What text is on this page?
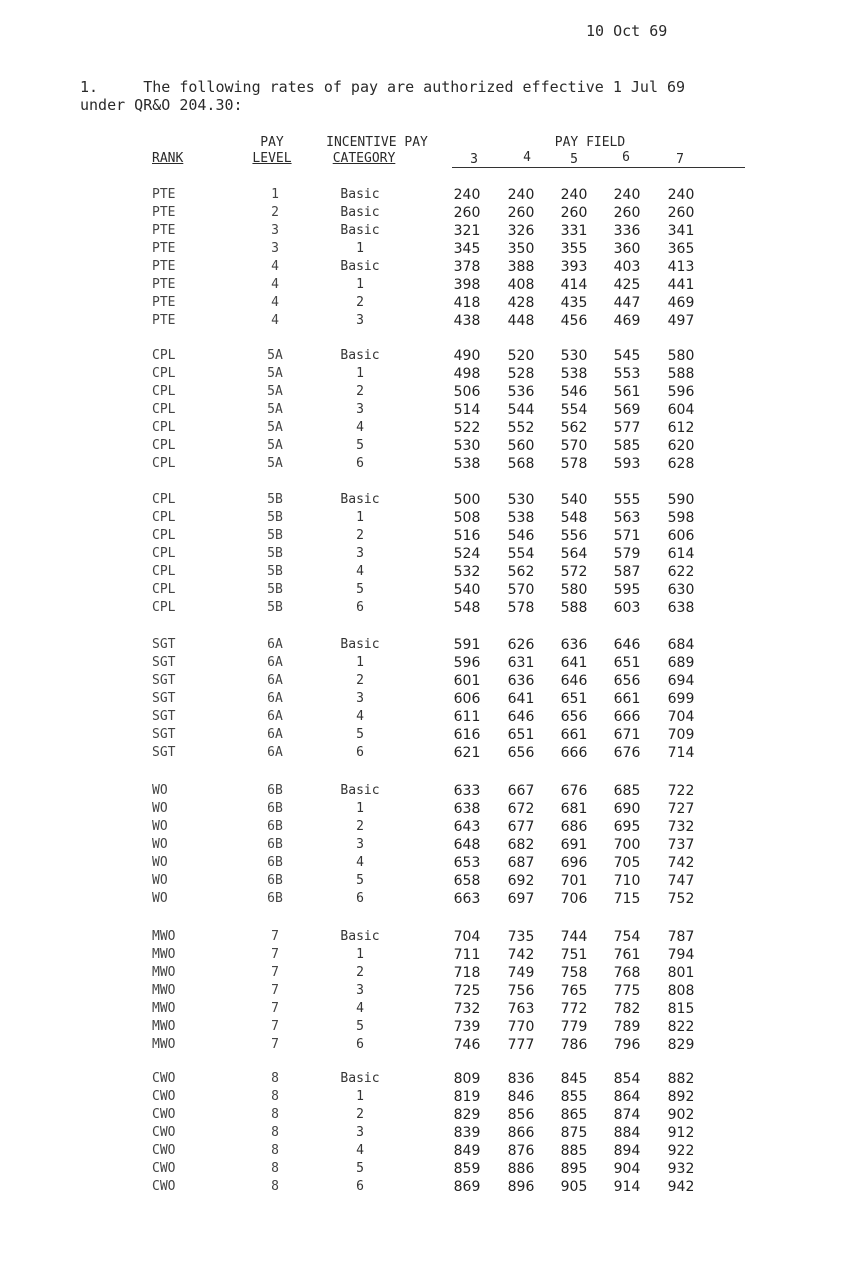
10 Oct 69
1.     The following rates of pay are authorized effective 1 Jul 69
under QR&O 204.30:
PAY
LEVEL
INCENTIVE PAY
CATEGORY
RANK
PAY FIELD
3	4	5	6	7
PTE	1	Basic	240 240 240 240 240
PTE	2	Basic	260 260 260 260 260
PTE	3	Basic	321 326 331 336 341
PTE	3	1	345 350 355 360 365
PTE	4	Basic	378 388 393 403 413
PTE	4	1	398 408 414 425 441
PTE	4	2	418 428 435 447 469
PTE	4	3	438 448 456 469 497
CPL	5A	Basic	490 520 530 545 580
CPL	5A	1	498 528 538 553 588
CPL	5A	2	506 536 546 561 596
CPL	5A	3	514 544 554 569 604
CPL	5A	4	522 552 562 577 612
CPL	5A	5	530 560 570 585 620
CPL	5A	6	538 568 578 593 628
CPL	5B	Basic	500 530 540 555 590
CPL	5B	1	508 538 548 563 598
CPL	5B	2	516 546 556 571 606
CPL	5B	3	524 554 564 579 614
CPL	5B	4	532 562 572 587 622
CPL	5B	5	540 570 580 595 630
CPL	5B	6	548 578 588 603 638
SGT	6A	Basic	591 626 636 646 684
SGT	6A	1	596 631 641 651 689
SGT	6A	2	601 636 646 656 694
SGT	6A	3	606 641 651 661 699
SGT	6A	4	611 646 656 666 704
SGT	6A	5	616 651 661 671 709
SGT	6A	6	621 656 666 676 714
WO	6B	Basic	633 667 676 685 722
WO	6B	1	638 672 681 690 727
WO	6B	2	643 677 686 695 732
WO	6B	3	648 682 691 700 737
WO	6B	4	653 687 696 705 742
WO	6B	5	658 692 701 710 747
WO	6B	6	663 697 706 715 752
MWO	7	Basic	704 735 744 754 787
MWO	7	1	711 742 751 761 794
MWO	7	2	718 749 758 768 801
MWO	7	3	725 756 765 775 808
MWO	7	4	732 763 772 782 815
MWO	7	5	739 770 779 789 822
MWO	7	6	746 777 786 796 829
CWO	8	Basic	809 836 845 854 882
CWO	8	1	819 846 855 864 892
CWO	8	2	829 856 865 874 902
CWO	8	3	839 866 875 884 912
CWO	8	4	849 876 885 894 922
CWO	8	5	859 886 895 904 932
CWO	8	6	869 896 905 914 942
